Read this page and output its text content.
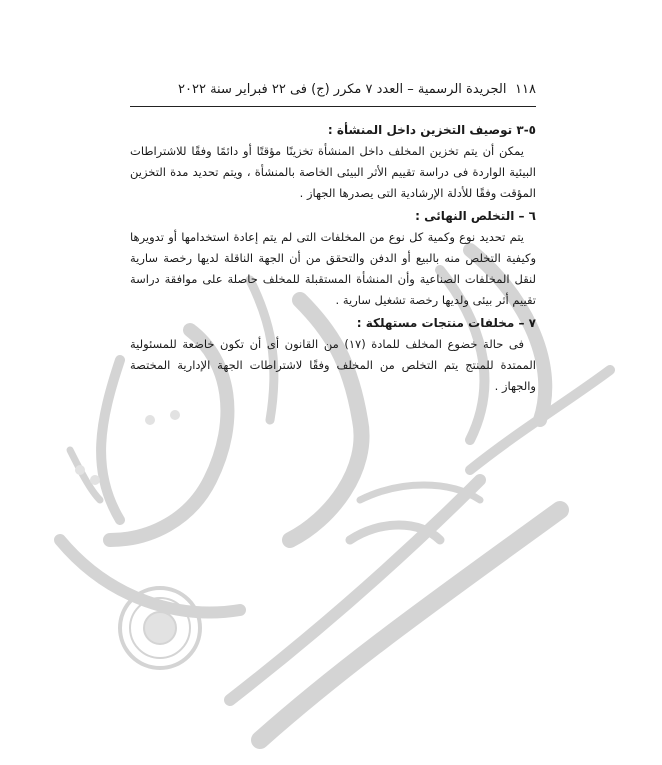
١١٨
الجريدة الرسمية – العدد ٧ مكرر (ج) فى ٢٢ فبراير سنة ٢٠٢٢

٥-٣ توصيف التخزين داخل المنشأة :

يمكن أن يتم تخزين المخلف داخل المنشأة تخزينًا مؤقتًا أو دائمًا وفقًا للاشتراطات البيئية الواردة فى دراسة تقييم الأثر البيئى الخاصة بالمنشأة ، ويتم تحديد مدة التخزين المؤقت وفقًا للأدلة الإرشادية التى يصدرها الجهاز .

٦ – التخلص النهائى :

يتم تحديد نوع وكمية كل نوع من المخلفات التى لم يتم إعادة استخدامها أو تدويرها وكيفية التخلص منه بالبيع أو الدفن والتحقق من أن الجهة الناقلة لديها رخصة سارية لنقل المخلفات الصناعية وأن المنشأة المستقبلة للمخلف حاصلة على موافقة دراسة تقييم أثر بيئى ولديها رخصة تشغيل سارية .

٧ – مخلفات منتجات مستهلكة :

فى حالة خضوع المخلف للمادة (١٧) من القانون أى أن تكون خاضعة للمسئولية الممتدة للمنتج يتم التخلص من المخلف وفقًا لاشتراطات الجهة الإدارية المختصة والجهاز .
